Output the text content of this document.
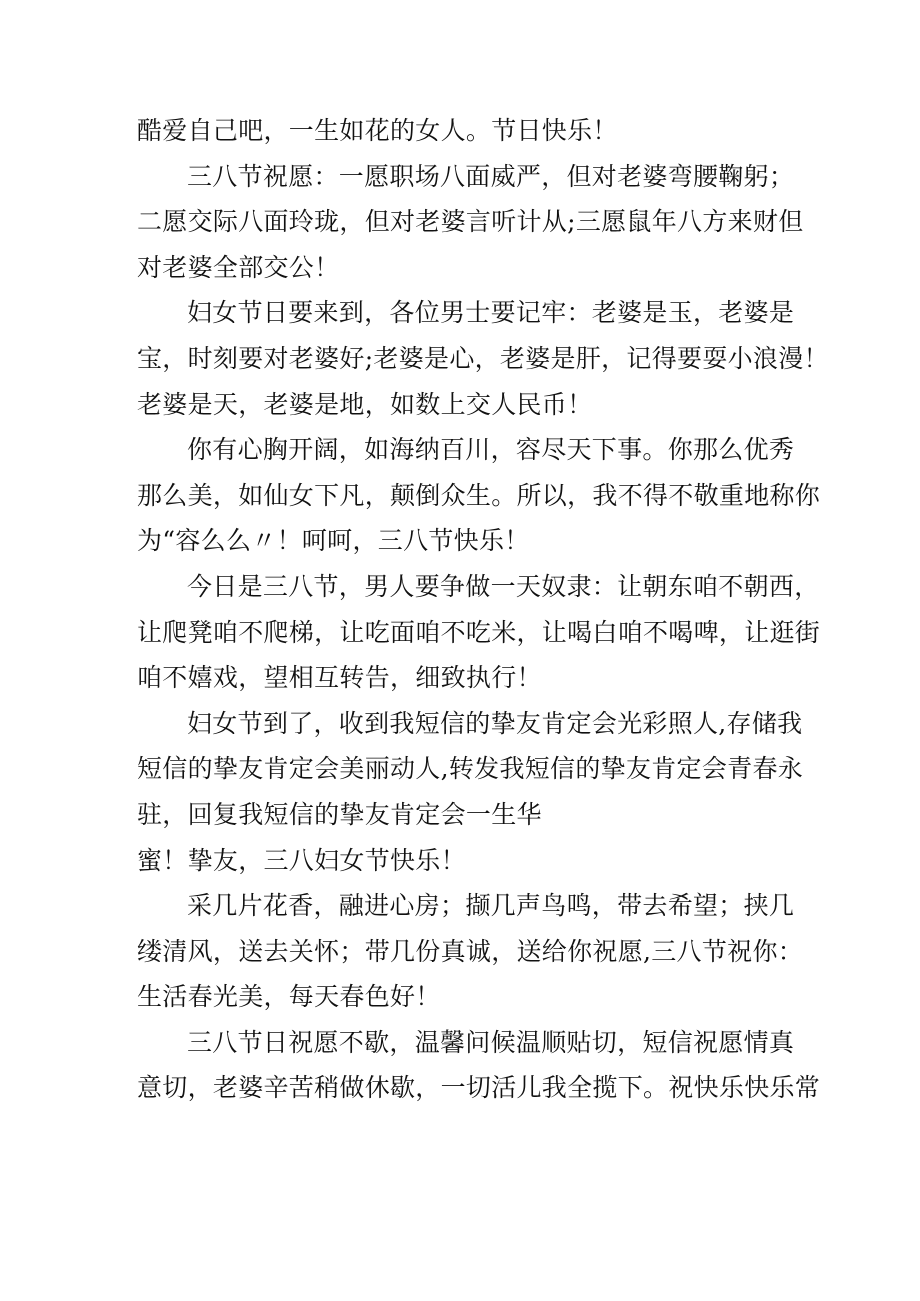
酷爱自己吧，一生如花的女人。节日快乐！

三八节祝愿：一愿职场八面威严，但对老婆弯腰鞠躬；
二愿交际八面玲珑，但对老婆言听计从;三愿鼠年八方来财但
对老婆全部交公！

妇女节日要来到，各位男士要记牢：老婆是玉，老婆是
宝，时刻要对老婆好;老婆是心，老婆是肝，记得要耍小浪漫！
老婆是天，老婆是地，如数上交人民币！

你有心胸开阔，如海纳百川，容尽天下事。你那么优秀
那么美，如仙女下凡，颠倒众生。所以，我不得不敬重地称你
为“容么么〃！呵呵，三八节快乐！

今日是三八节，男人要争做一天奴隶：让朝东咱不朝西，
让爬凳咱不爬梯，让吃面咱不吃米，让喝白咱不喝啤，让逛街
咱不嬉戏，望相互转告，细致执行！

妇女节到了，收到我短信的挚友肯定会光彩照人,存储我
短信的挚友肯定会美丽动人,转发我短信的挚友肯定会青春永
驻，回复我短信的挚友肯定会一生华

蜜！挚友，三八妇女节快乐！

采几片花香，融进心房；撷几声鸟鸣，带去希望；挟几
缕清风，送去关怀；带几份真诚，送给你祝愿,三八节祝你：
生活春光美，每天春色好！

三八节日祝愿不歇，温馨问候温顺贴切，短信祝愿情真
意切，老婆辛苦稍做休歇，一切活儿我全揽下。祝快乐快乐常
